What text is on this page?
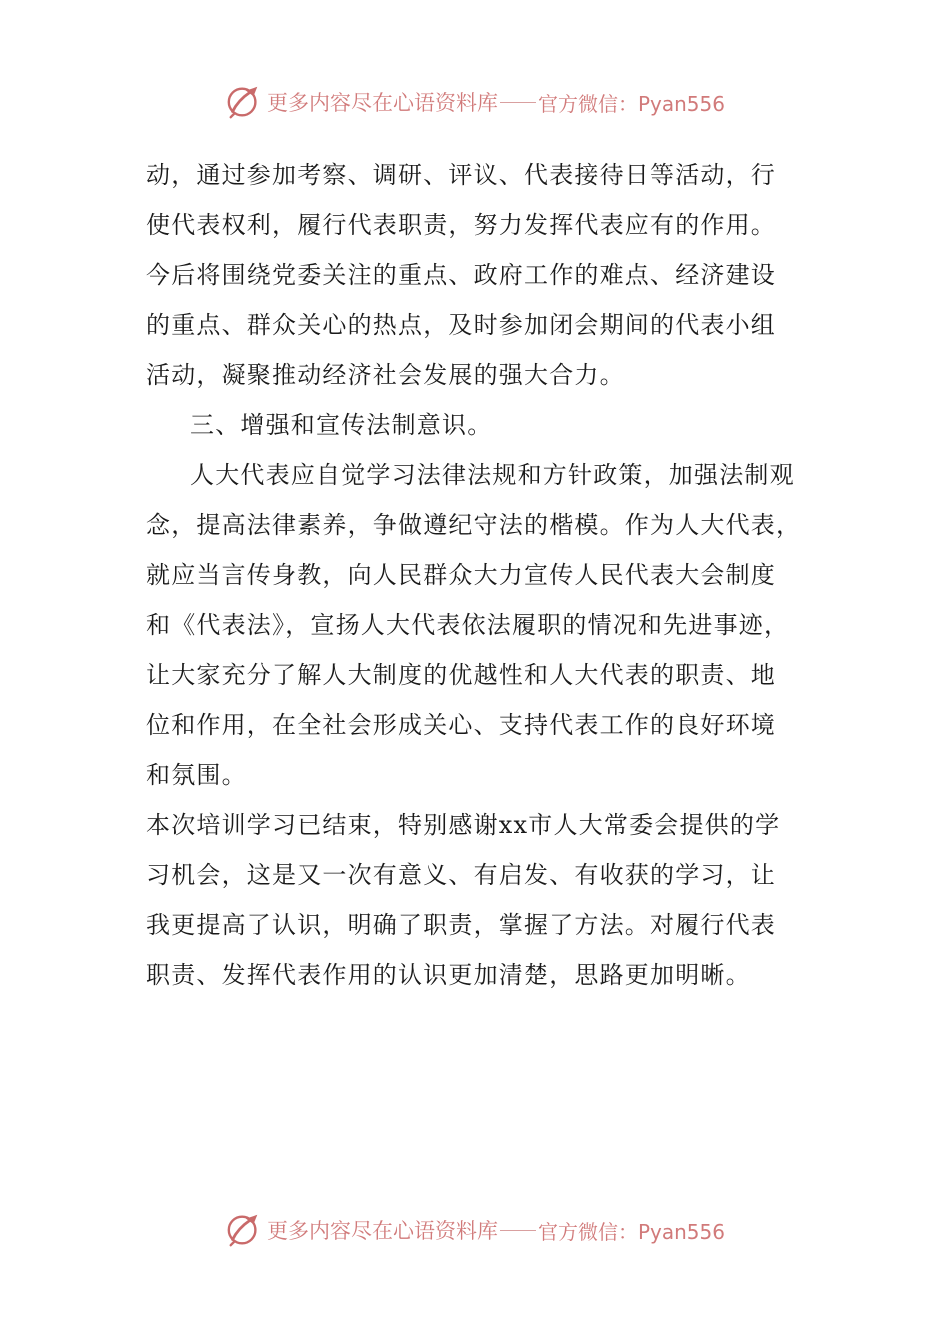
更多内容尽在心语资料库 官方微信：Pyan556
动，通过参加考察、调研、评议、代表接待日等活动，行
使代表权利，履行代表职责，努力发挥代表应有的作用。
今后将围绕党委关注的重点、政府工作的难点、经济建设
的重点、群众关心的热点，及时参加闭会期间的代表小组
活动，凝聚推动经济社会发展的强大合力。
三、增强和宣传法制意识。
人大代表应自觉学习法律法规和方针政策，加强法制观
念，提高法律素养，争做遵纪守法的楷模。作为人大代表，
就应当言传身教，向人民群众大力宣传人民代表大会制度
和《代表法》，宣扬人大代表依法履职的情况和先进事迹，
让大家充分了解人大制度的优越性和人大代表的职责、地
位和作用，在全社会形成关心、支持代表工作的良好环境
和氛围。
本次培训学习已结束，特别感谢xx市人大常委会提供的学
习机会，这是又一次有意义、有启发、有收获的学习，让
我更提高了认识，明确了职责，掌握了方法。对履行代表
职责、发挥代表作用的认识更加清楚，思路更加明晰。
更多内容尽在心语资料库 官方微信：Pyan556
